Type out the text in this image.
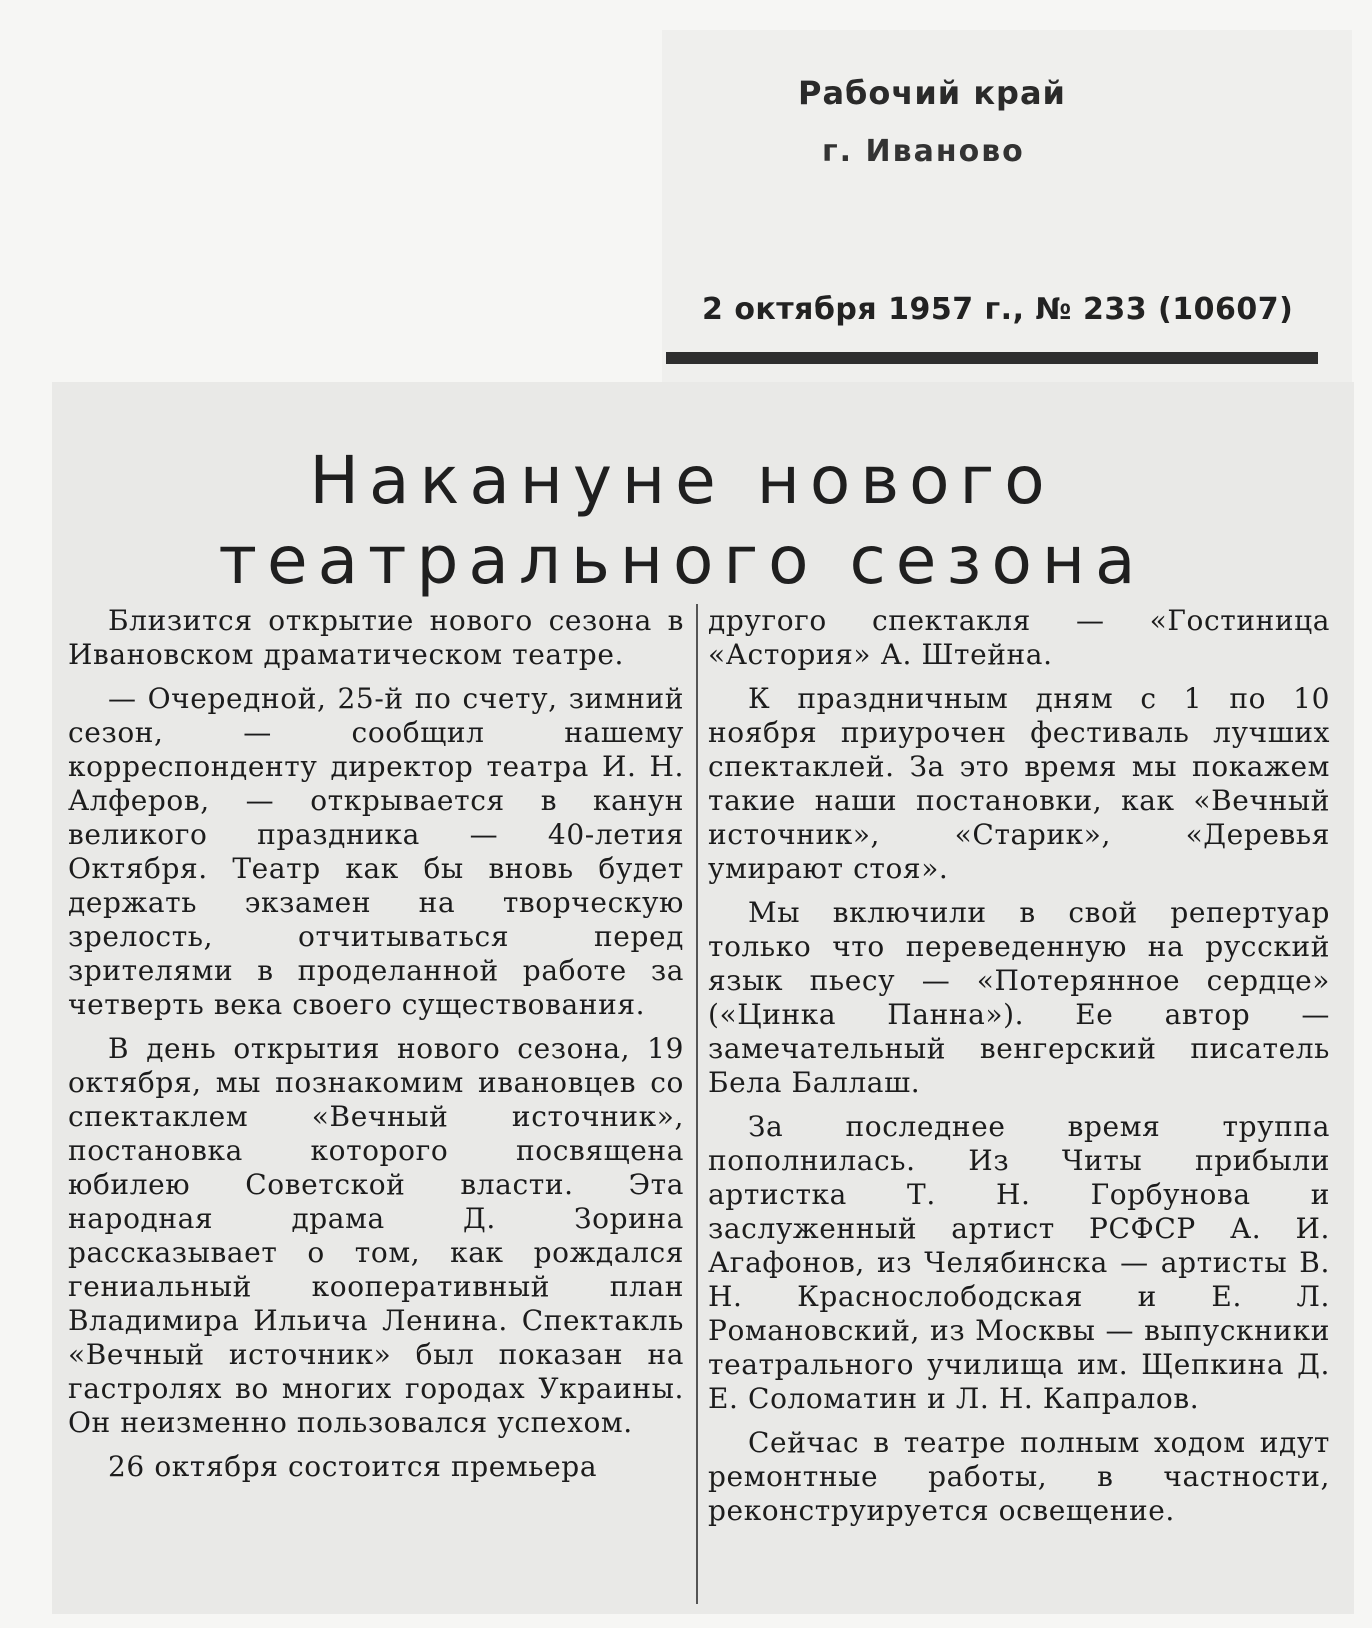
Рабочий край
г. Иваново
2 октября 1957 г., № 233 (10607)
Накануне нового
театрального сезона

Близится открытие нового сезона в Ивановском драматическом театре.

— Очередной, 25-й по счету, зимний сезон, — сообщил нашему корреспонденту директор театра И. Н. Алферов, — открывается в канун великого праздника — 40-летия Октября. Театр как бы вновь будет держать экзамен на творческую зрелость, отчитываться перед зрителями в проделанной работе за четверть века своего существования.

В день открытия нового сезона, 19 октября, мы познакомим ивановцев со спектаклем «Вечный источник», постановка которого посвящена юбилею Советской власти. Эта народная драма Д. Зорина рассказывает о том, как рождался гениальный кооперативный план Владимира Ильича Ленина. Спектакль «Вечный источник» был показан на гастролях во многих городах Украины. Он неизменно пользовался успехом.

26 октября состоится премьера

другого спектакля — «Гостиница «Астория» А. Штейна.

К праздничным дням с 1 по 10 ноября приурочен фестиваль лучших спектаклей. За это время мы покажем такие наши постановки, как «Вечный источник», «Старик», «Деревья умирают стоя».

Мы включили в свой репертуар только что переведенную на русский язык пьесу — «Потерянное сердце» («Цинка Панна»). Ее автор — замечательный венгерский писатель Бела Баллаш.

За последнее время труппа пополнилась. Из Читы прибыли артистка Т. Н. Горбунова и заслуженный артист РСФСР А. И. Агафонов, из Челябинска — артисты В. Н. Краснослободская и Е. Л. Романовский, из Москвы — выпускники театрального училища им. Щепкина Д. Е. Соломатин и Л. Н. Капралов.

Сейчас в театре полным ходом идут ремонтные работы, в частности, реконструируется освещение.
